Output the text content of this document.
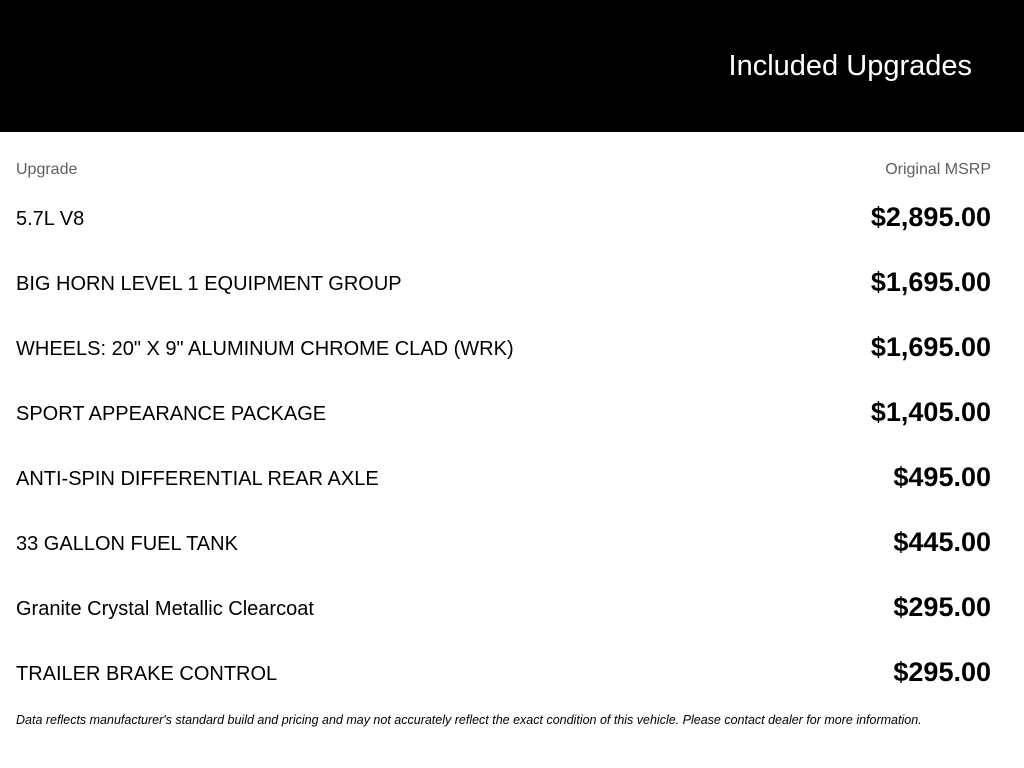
Included Upgrades
Upgrade	Original MSRP
5.7L V8	$2,895.00
BIG HORN LEVEL 1 EQUIPMENT GROUP	$1,695.00
WHEELS: 20" X 9" ALUMINUM CHROME CLAD (WRK)	$1,695.00
SPORT APPEARANCE PACKAGE	$1,405.00
ANTI-SPIN DIFFERENTIAL REAR AXLE	$495.00
33 GALLON FUEL TANK	$445.00
Granite Crystal Metallic Clearcoat	$295.00
TRAILER BRAKE CONTROL	$295.00
Data reflects manufacturer's standard build and pricing and may not accurately reflect the exact condition of this vehicle. Please contact dealer for more information.
